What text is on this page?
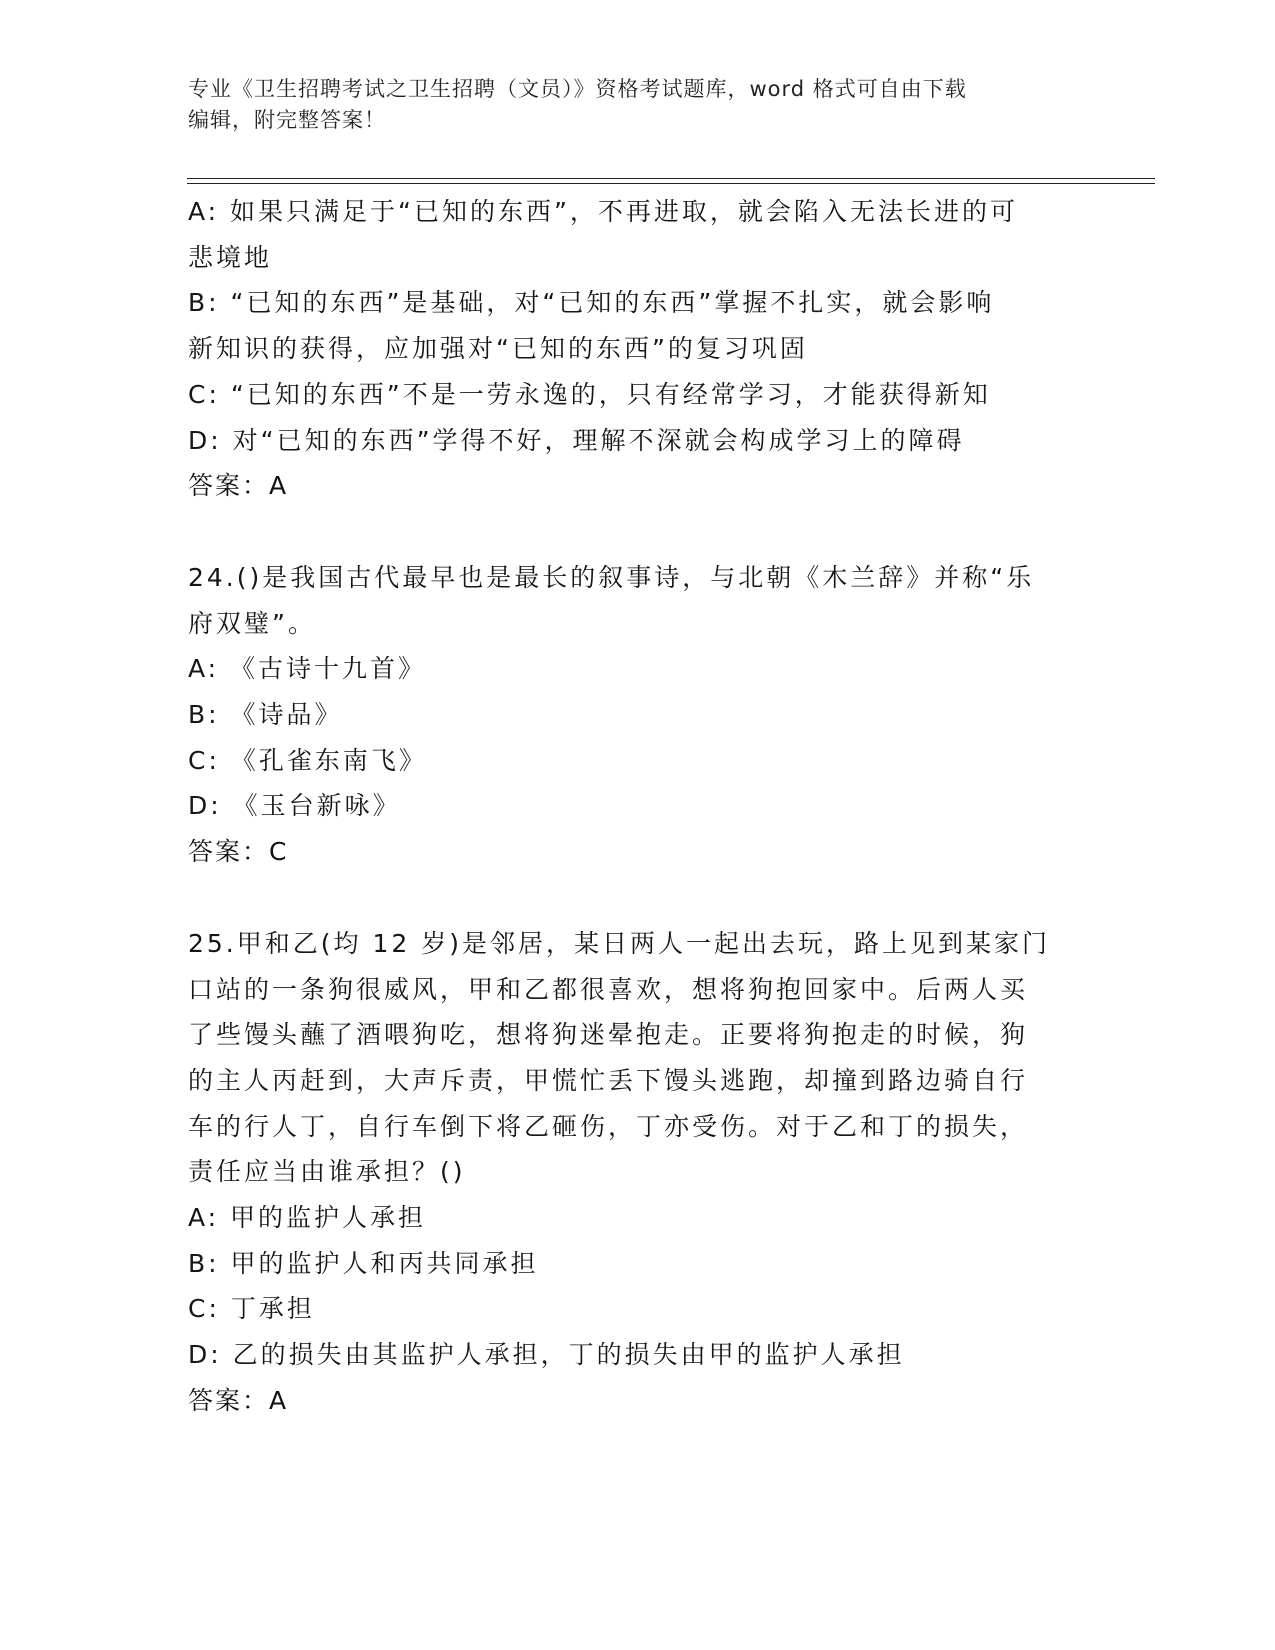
专业《卫生招聘考试之卫生招聘（文员）》资格考试题库，word 格式可自由下载
编辑，附完整答案！
A: 如果只满足于“已知的东西”，不再进取，就会陷入无法长进的可
悲境地
B: “已知的东西”是基础，对“已知的东西”掌握不扎实，就会影响
新知识的获得，应加强对“已知的东西”的复习巩固
C: “已知的东西”不是一劳永逸的，只有经常学习，才能获得新知
D: 对“已知的东西”学得不好，理解不深就会构成学习上的障碍
答案：A
24.()是我国古代最早也是最长的叙事诗，与北朝《木兰辞》并称“乐
府双璧”。
A: 《古诗十九首》
B: 《诗品》
C: 《孔雀东南飞》
D: 《玉台新咏》
答案：C
25.甲和乙(均 12 岁)是邻居，某日两人一起出去玩，路上见到某家门
口站的一条狗很威风，甲和乙都很喜欢，想将狗抱回家中。后两人买
了些馒头蘸了酒喂狗吃，想将狗迷晕抱走。正要将狗抱走的时候，狗
的主人丙赶到，大声斥责，甲慌忙丢下馒头逃跑，却撞到路边骑自行
车的行人丁，自行车倒下将乙砸伤，丁亦受伤。对于乙和丁的损失，
责任应当由谁承担？()
A: 甲的监护人承担
B: 甲的监护人和丙共同承担
C: 丁承担
D: 乙的损失由其监护人承担，丁的损失由甲的监护人承担
答案：A
